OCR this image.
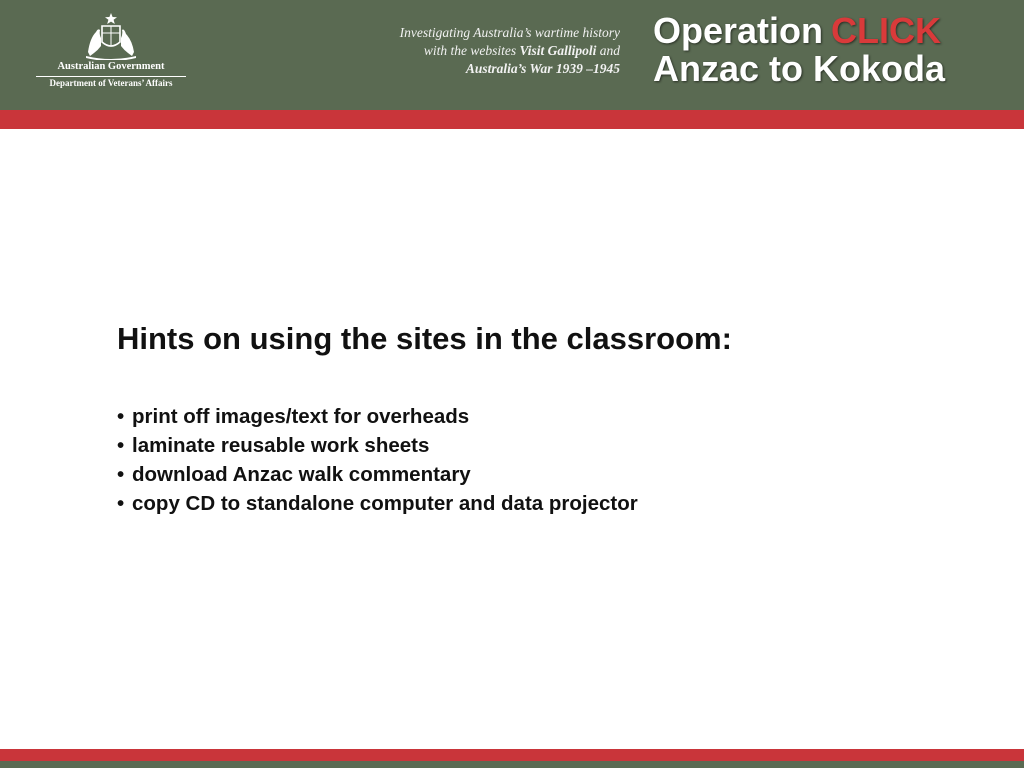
Australian Government
Department of Veterans’ Affairs
Investigating Australia’s wartime history
with the websites Visit Gallipoli and
Australia’s War 1939 –1945
Operation CLICK
Anzac to Kokoda
Hints on using the sites in the classroom:
• print off images/text for overheads
• laminate reusable work sheets
• download Anzac walk commentary
• copy CD to standalone computer and data projector
